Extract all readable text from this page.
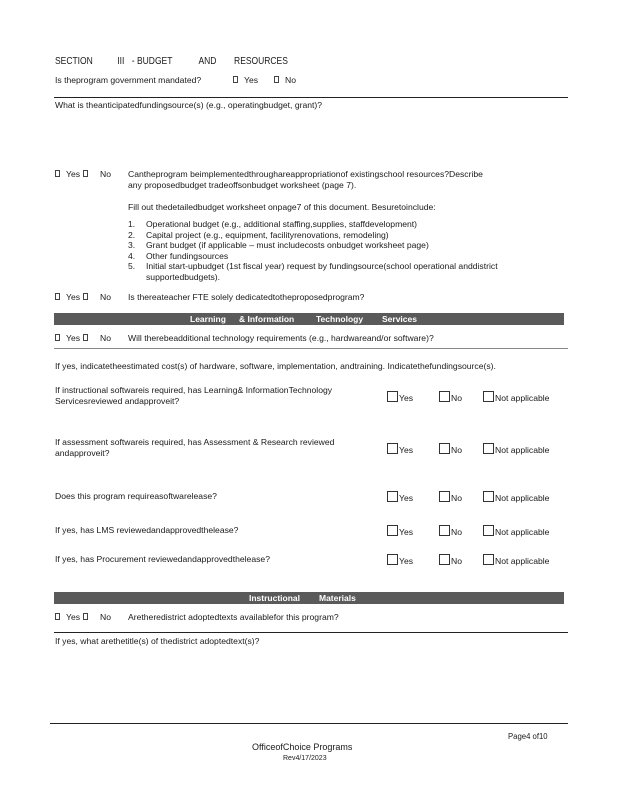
SECTION III - BUDGET	AND RESOURCES
Is theprogram government mandated?	Yes	No
What is theanticipatedfundingsource(s) (e.g., operatingbudget, grant)?
Yes	No Cantheprogram beimplementedthroughareappropriationof existingschool resources?Describe
any proposedbudget tradeoffsonbudget worksheet (page 7).
Fill out thedetailedbudget worksheet onpage7 of this document. Besuretoinclude:
1. Operational budget (e.g., additional staffing,supplies, staffdevelopment)
2. Capital project (e.g., equipment, facilityrenovations, remodeling)
3. Grant budget (if applicable – must includecosts onbudget worksheet page)
4. Other fundingsources
5. Initial start-upbudget (1st fiscal year) request by fundingsource(school operational anddistrict
supportedbudgets).
Yes	No Is thereateacher FTE solely dedicatedtotheproposedprogram?
Learning & Information	Technology Services
Yes	No Will therebeadditional technology requirements (e.g., hardwareand/or software)?
If yes, indicatetheestimated cost(s) of hardware, software, implementation, andtraining. Indicatethefundingsource(s).
If instructional softwareis required, has Learning& InformationTechnology
Servicesreviewed andapproveit?	Yes	No	Not applicable
If assessment softwareis required, has Assessment & Research reviewed
andapproveit?	Yes	No	Not applicable
Does this program requireasoftwarelease?	Yes	No	Not applicable
If yes, has LMS reviewedandapprovedthelease?	Yes	No	Not applicable
If yes, has Procurement reviewedandapprovedthelease?	Yes	No	Not applicable
Instructional Materials
Yes	No Aretheredistrict adoptedtexts availablefor this program?
If yes, what arethetitle(s) of thedistrict adoptedtext(s)?
Page4 of10
OfficeofChoice Programs
Rev4/17/2023
